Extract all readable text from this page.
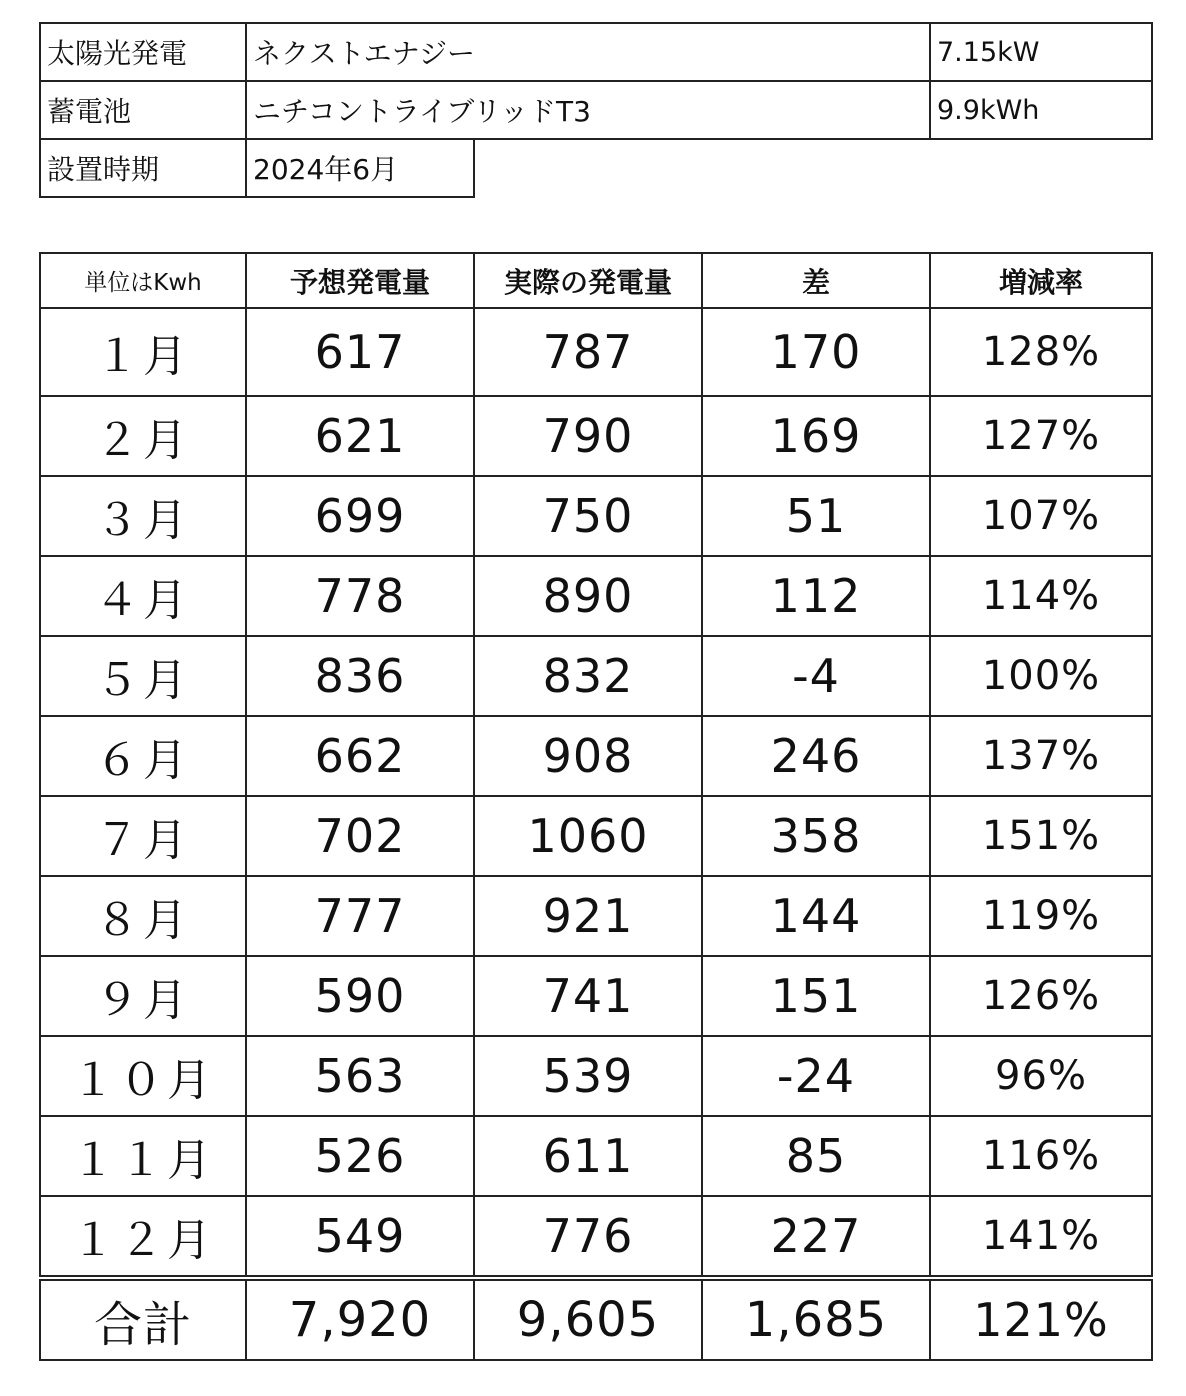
太陽光発電	ネクストエナジー		7.15kW
蓄電池	ニチコントライブリッドT3		9.9kWh
設置時期	2024年6月		
単位はKwh	予想発電量	実際の発電量	差	増減率
１月	617	787	170	128%
２月	621	790	169	127%
３月	699	750	51	107%
４月	778	890	112	114%
５月	836	832	-4	100%
６月	662	908	246	137%
７月	702	1060	358	151%
８月	777	921	144	119%
９月	590	741	151	126%
１０月	563	539	-24	96%
１１月	526	611	85	116%
１２月	549	776	227	141%
合計	7,920	9,605	1,685	121%
